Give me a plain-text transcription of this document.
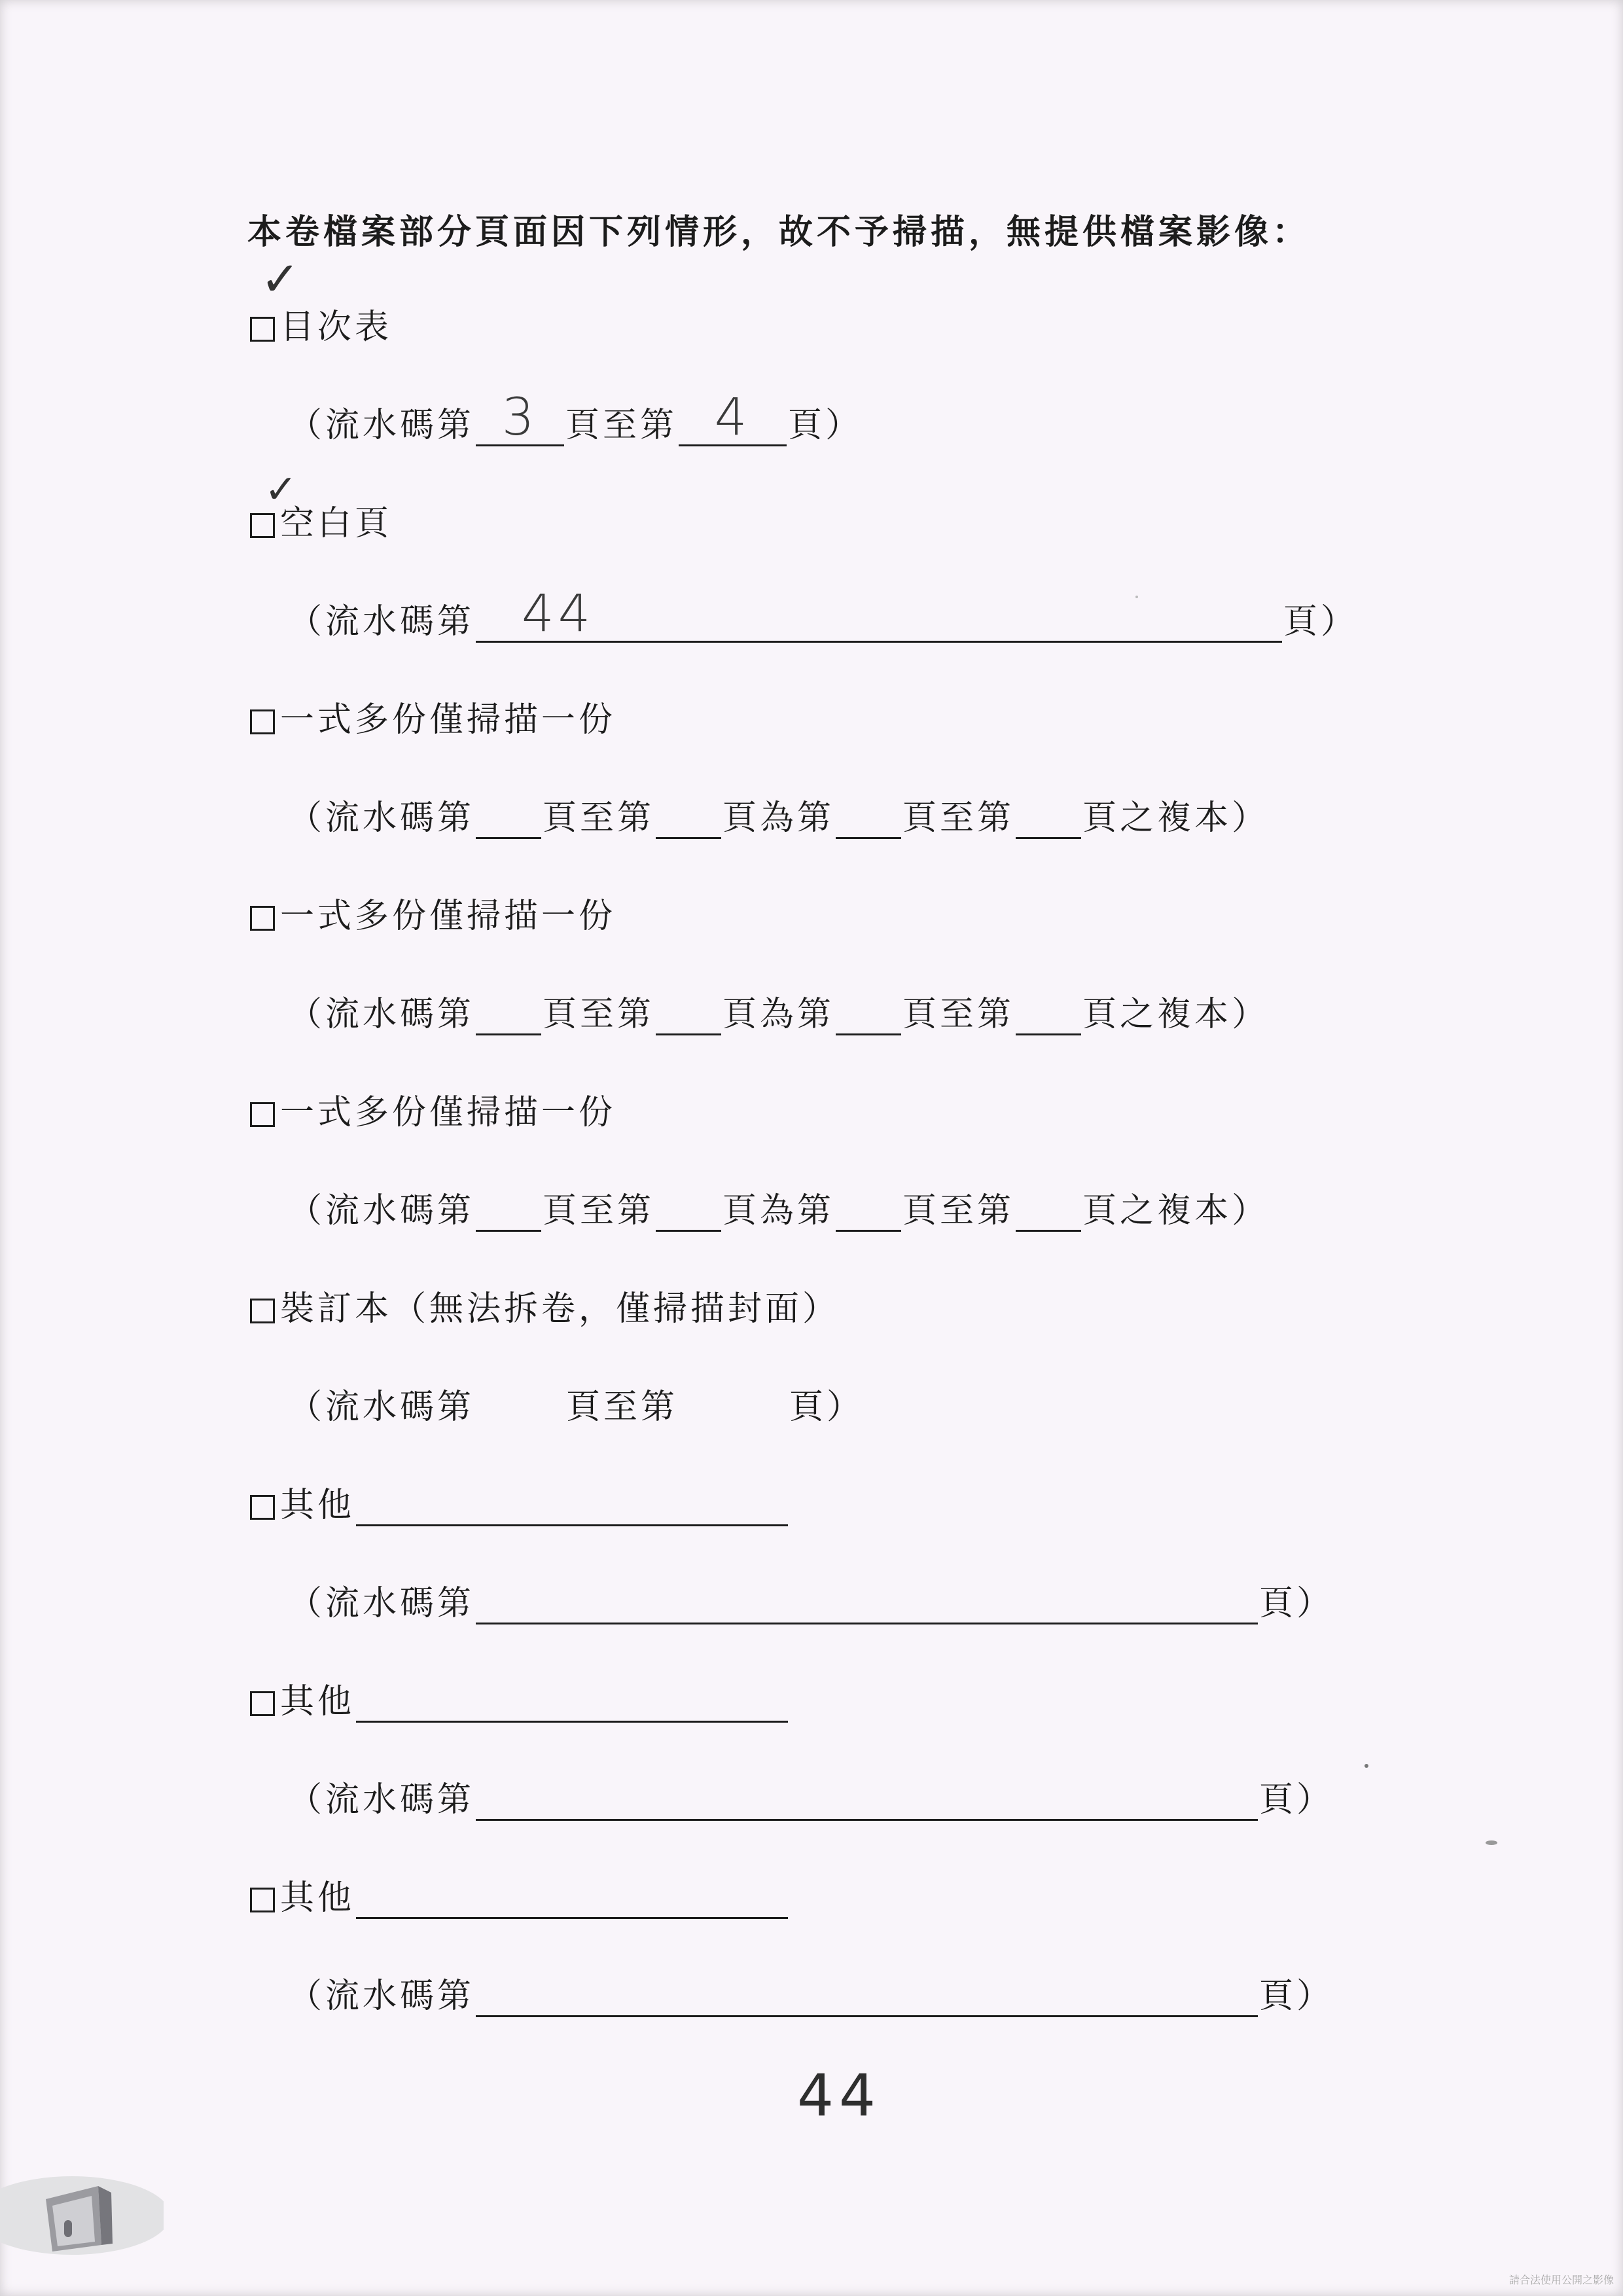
本卷檔案部分頁面因下列情形，故不予掃描，無提供檔案影像：
目次表
✓
（流水碼第 3 頁至第 4	頁）
空白頁
✓
（流水碼第 44	頁）
一式多份僅掃描一份
（流水碼第 頁至第 頁為第 頁至第 頁之複本）
一式多份僅掃描一份
（流水碼第 頁至第 頁為第 頁至第 頁之複本）
一式多份僅掃描一份
（流水碼第 頁至第 頁為第 頁至第 頁之複本）
裝訂本（無法拆卷，僅掃描封面）
（流水碼第	頁至第	頁）
其他
（流水碼第	頁）
其他
（流水碼第	頁）
其他
（流水碼第	頁）
44
請合法使用公開之影像
